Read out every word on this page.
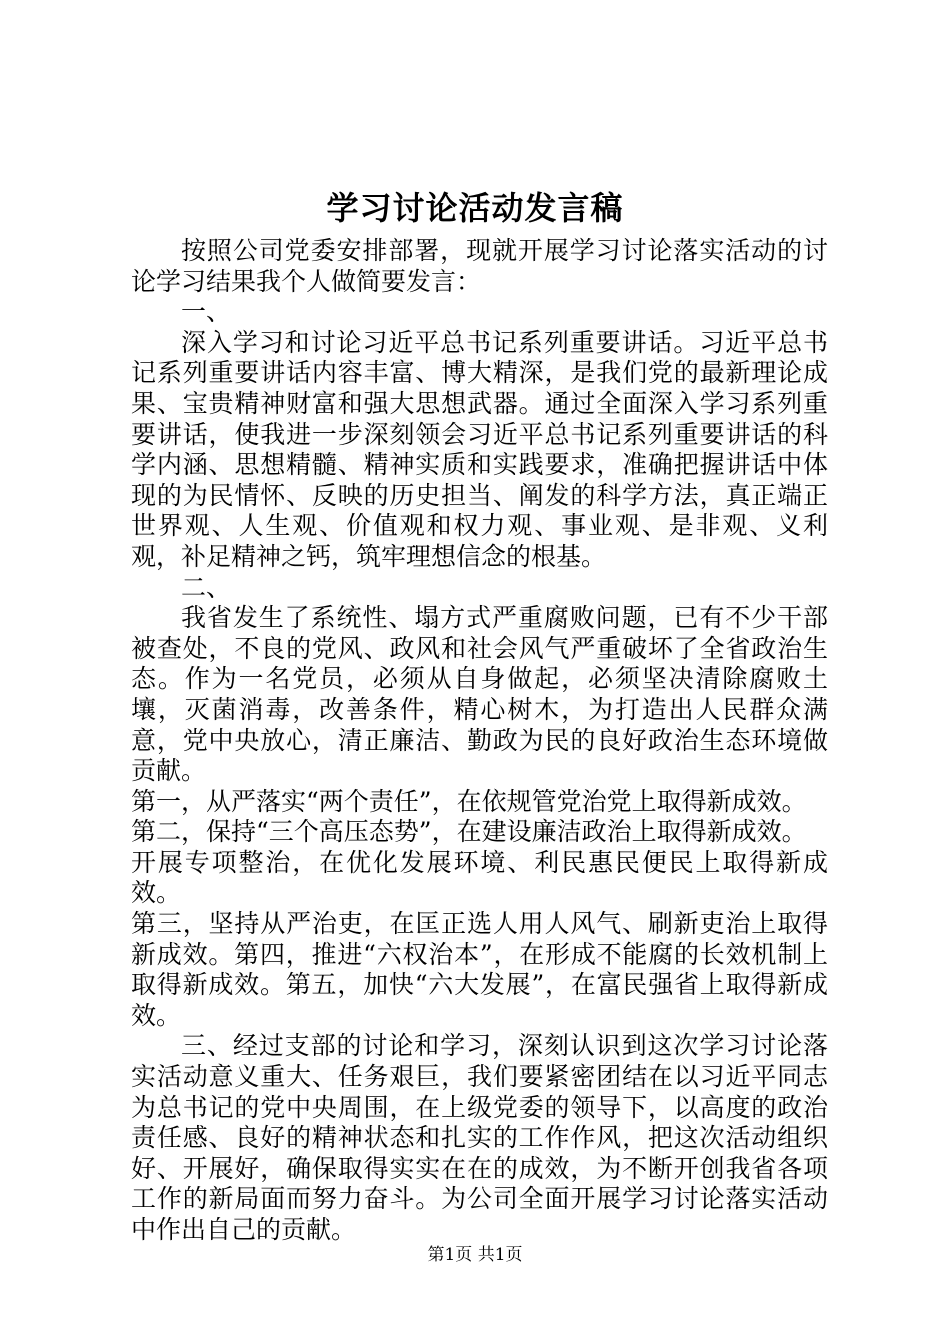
学习讨论活动发言稿

按照公司党委安排部署，现就开展学习讨论落实活动的讨论学习结果我个人做简要发言：

一、

深入学习和讨论习近平总书记系列重要讲话。习近平总书记系列重要讲话内容丰富、博大精深，是我们党的最新理论成果、宝贵精神财富和强大思想武器。通过全面深入学习系列重要讲话，使我进一步深刻领会习近平总书记系列重要讲话的科学内涵、思想精髓、精神实质和实践要求，准确把握讲话中体现的为民情怀、反映的历史担当、阐发的科学方法，真正端正世界观、人生观、价值观和权力观、事业观、是非观、义利观，补足精神之钙，筑牢理想信念的根基。

二、

我省发生了系统性、塌方式严重腐败问题，已有不少干部被查处，不良的党风、政风和社会风气严重破坏了全省政治生态。作为一名党员，必须从自身做起，必须坚决清除腐败土壤，灭菌消毒，改善条件，精心树木，为打造出人民群众满意，党中央放心，清正廉洁、勤政为民的良好政治生态环境做贡献。

第一，从严落实“两个责任”，在依规管党治党上取得新成效。

第二，保持“三个高压态势”，在建设廉洁政治上取得新成效。

开展专项整治，在优化发展环境、利民惠民便民上取得新成效。

第三，坚持从严治吏，在匡正选人用人风气、刷新吏治上取得新成效。第四，推进“六权治本”，在形成不能腐的长效机制上取得新成效。第五，加快“六大发展”，在富民强省上取得新成效。

三、经过支部的讨论和学习，深刻认识到这次学习讨论落实活动意义重大、任务艰巨，我们要紧密团结在以习近平同志为总书记的党中央周围，在上级党委的领导下，以高度的政治责任感、良好的精神状态和扎实的工作作风，把这次活动组织好、开展好，确保取得实实在在的成效，为不断开创我省各项工作的新局面而努力奋斗。为公司全面开展学习讨论落实活动中作出自己的贡献。

第1页 共1页
